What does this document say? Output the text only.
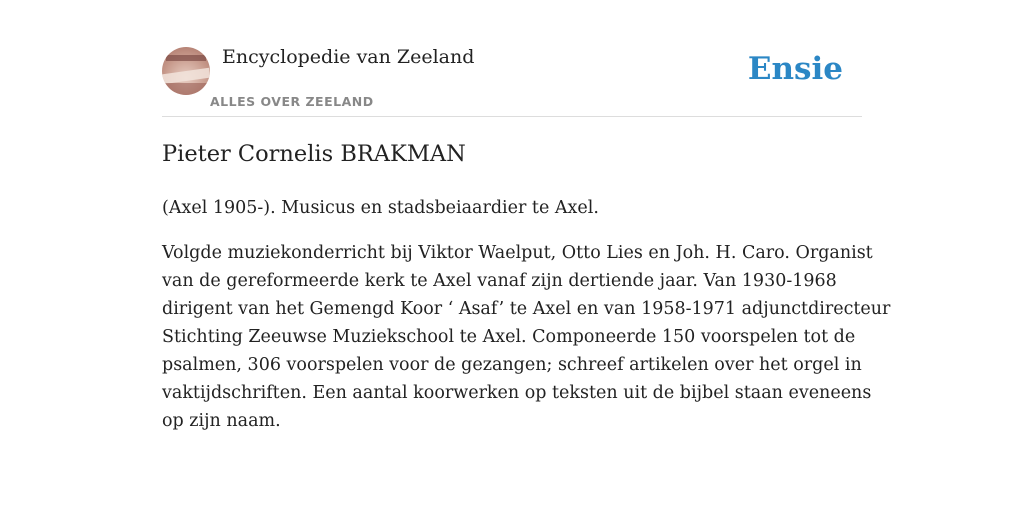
Encyclopedie van Zeeland
ALLES OVER ZEELAND
Ensie
Pieter Cornelis BRAKMAN

(Axel 1905-). Musicus en stadsbeiaardier te Axel.

Volgde muziekonderricht bij Viktor Waelput, Otto Lies en Joh. H. Caro. Organist
van de gereformeerde kerk te Axel vanaf zijn dertiende jaar. Van 1930-1968
dirigent van het Gemengd Koor ‘ Asaf’ te Axel en van 1958-1971 adjunctdirecteur
Stichting Zeeuwse Muziekschool te Axel. Componeerde 150 voorspelen tot de
psalmen, 306 voorspelen voor de gezangen; schreef artikelen over het orgel in
vaktijdschriften. Een aantal koorwerken op teksten uit de bijbel staan eveneens
op zijn naam.
